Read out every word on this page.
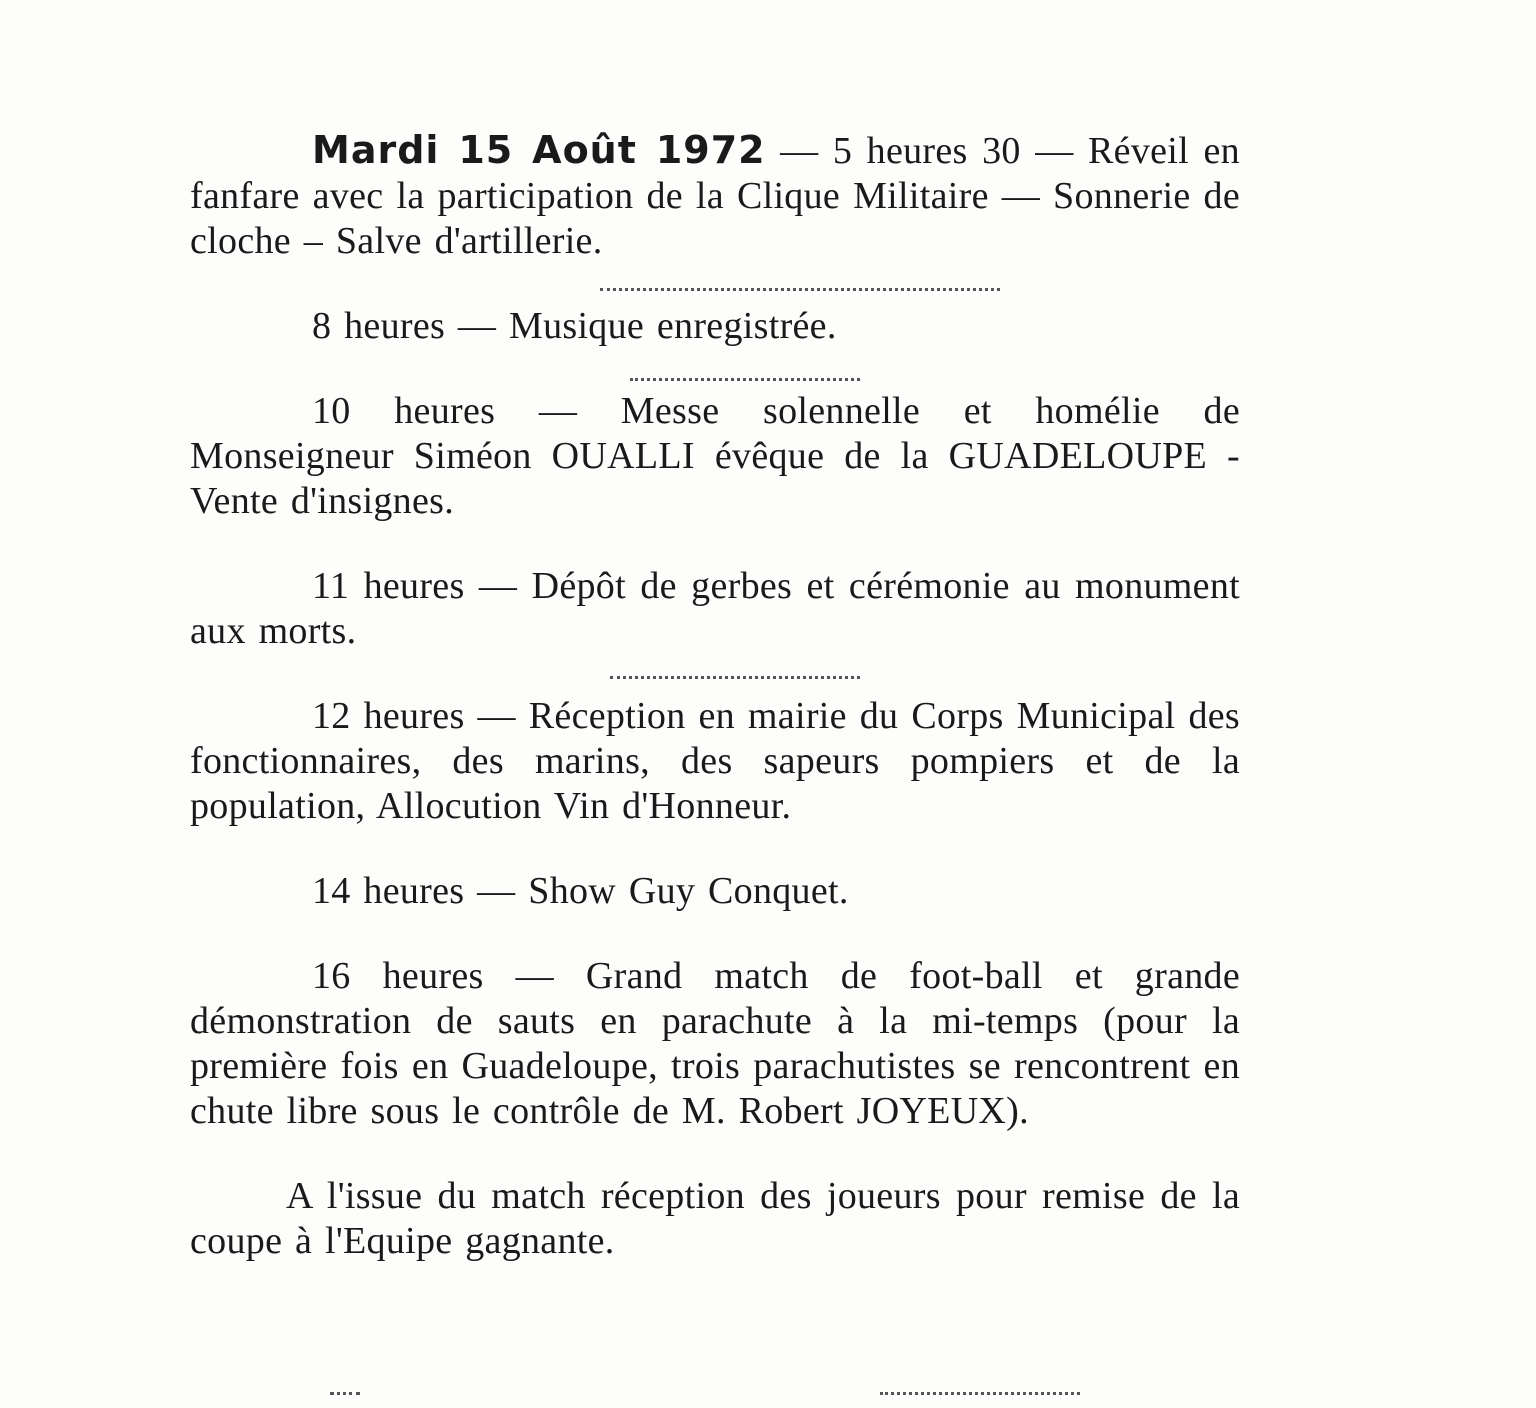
Mardi 15 Août 1972 — 5 heures 30 — Réveil en fanfare avec la participation de la Clique Militaire — Sonnerie de cloche – Salve d'artillerie.

8 heures — Musique enregistrée.

10 heures — Messe solennelle et homélie de Monseigneur Siméon OUALLI évêque de la GUADELOUPE - Vente d'insignes.

11 heures — Dépôt de gerbes et cérémonie au monument aux morts.

12 heures — Réception en mairie du Corps Municipal des fonctionnaires, des marins, des sapeurs pompiers et de la population, Allocution Vin d'Honneur.

14 heures — Show Guy Conquet.

16 heures — Grand match de foot-ball et grande démonstration de sauts en parachute à la mi-temps (pour la première fois en Guadeloupe, trois parachutistes se rencontrent en chute libre sous le contrôle de M. Robert JOYEUX).

A l'issue du match réception des joueurs pour remise de la coupe à l'Equipe gagnante.
